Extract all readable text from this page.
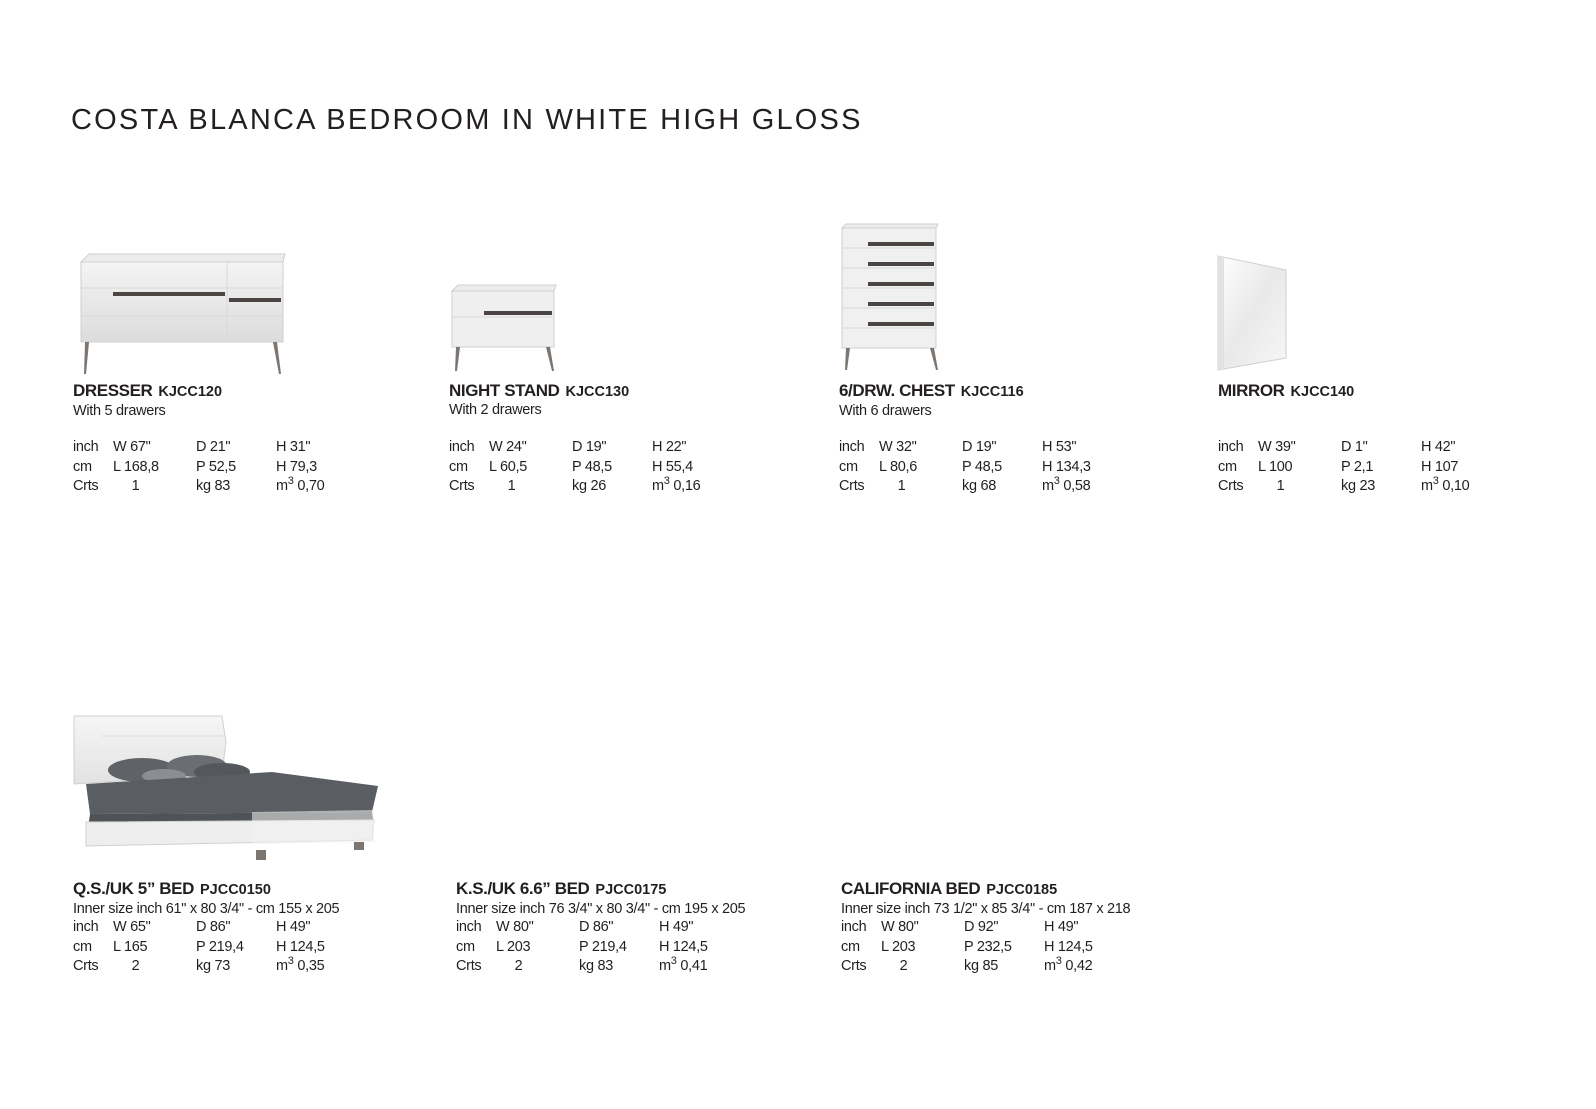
COSTA BLANCA BEDROOM IN WHITE HIGH GLOSS
DRESSER KJCC120
With 5 drawers
inch W 67"	D 21"	H 31"
cm L 168,8	P 52,5	H 79,3
Crts 1	kg 83	$m^3$ 0,70
NIGHT STAND KJCC130
With 2 drawers
inch W 24"	D 19"	H 22"
cm L 60,5	P 48,5	H 55,4
Crts 1	kg 26	$m^3$ 0,16
6/DRW. CHEST KJCC116
With 6 drawers
inch W 32"	D 19"	H 53"
cm L 80,6	P 48,5	H 134,3
Crts 1	kg 68	$m^3$ 0,58
MIRROR KJCC140
inch W 39"	D 1"	H 42"
cm L 100	P 2,1	H 107
Crts 1	kg 23	$m^3$ 0,10
Q.S./UK 5” BED PJCC0150
Inner size inch 61" x 80 3/4" - cm 155 x 205
inch W 65"	D 86"	H 49"
cm L 165	P 219,4 H 124,5
Crts 2	kg 73	$m^3$ 0,35
K.S./UK 6.6” BED PJCC0175
Inner size inch 76 3/4" x 80 3/4" - cm 195 x 205
inch W 80"	D 86"	H 49"
cm L 203	P 219,4 H 124,5
Crts 2	kg 83	$m^3$ 0,41
CALIFORNIA BED PJCC0185
Inner size inch 73 1/2" x 85 3/4" - cm 187 x 218
inch W 80"	D 92"	H 49"
cm L 203	P 232,5 H 124,5
Crts 2	kg 85	$m^3$ 0,42
